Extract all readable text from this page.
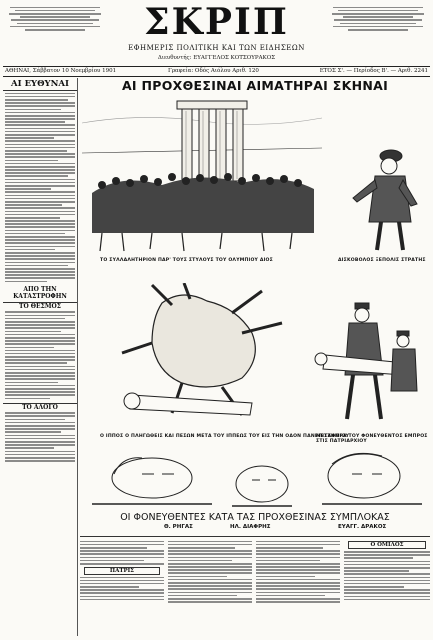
ΣΚΡΙΠ
ΕΦΗΜΕΡΙΣ ΠΟΛΙΤΙΚΗ ΚΑΙ ΤΩΝ ΕΙΔΗΣΕΩΝ
Διευθυντής: ΕΥΑΓΓΕΛΟΣ ΚΟΤΣΟΥΡΑΚΟΣ
ΑΘΗΝΑΙ, Σάββατον 10 Νοεμβρίου 1901	Γραφεία: Οδός Αιόλου Αριθ. 120	ΕΤΟΣ Σ'. — Περίοδος Β'. — Αριθ. 2241
ΑΙ ΕΥΘΥΝΑΙ
ΑΠΟ ΤΗΝ ΚΑΤΑΣΤΡΟΦΗΝ
ΤΟ ΘΕΣΜΟΣ
ΤΟ ΑΛΟΓΟ
ΑΙ ΠΡΟΧΘΕΣΙΝΑΙ ΑΙΜΑΤΗΡΑΙ ΣΚΗΝΑΙ
ΤΟ ΣΥΛΛΑΛΗΤΗΡΙΟΝ ΠΑΡ' ΤΟΥΣ ΣΤΥΛΟΥΣ ΤΟΥ ΟΛΥΜΠΙΟΥ ΔΙΟΣ	ΔΙΣΚΟΒΟΛΟΣ ΞΕΠΟΛΙΣ ΣΤΡΑΤΗΣ
Ο ΙΠΠΟΣ Ο ΠΛΗΓΩΘΕΙΣ ΚΑΙ ΠΕΣΩΝ ΜΕΤΑ ΤΟΥ ΙΠΠΕΩΣ ΤΟΥ ΕΙΣ ΤΗΝ ΟΔΟΝ ΠΑΝΕΠΙΣΤΗΜΙΟΥ
ΜΕΤΑΦΟΡΑ ΤΟΥ ΦΟΝΕΥΘΕΝΤΟΣ ΕΜΠΡΟΣ ΣΤΙΣ ΠΑΤΡΙΑΡΧΙΟΥ
ΟΙ ΦΟΝΕΥΘΕΝΤΕΣ ΚΑΤΑ ΤΑΣ ΠΡΟΧΘΕΣΙΝΑΣ ΣΥΜΠΛΟΚΑΣ
Θ. ΡΗΓΑΣ	ΗΛ. ΔΙΑΦΡΗΣ	ΕΥΑΓΓ. ΔΡΑΚΟΣ
ΠΑΤΡΙΣ
Ο ΟΜΙΛΟΣ
